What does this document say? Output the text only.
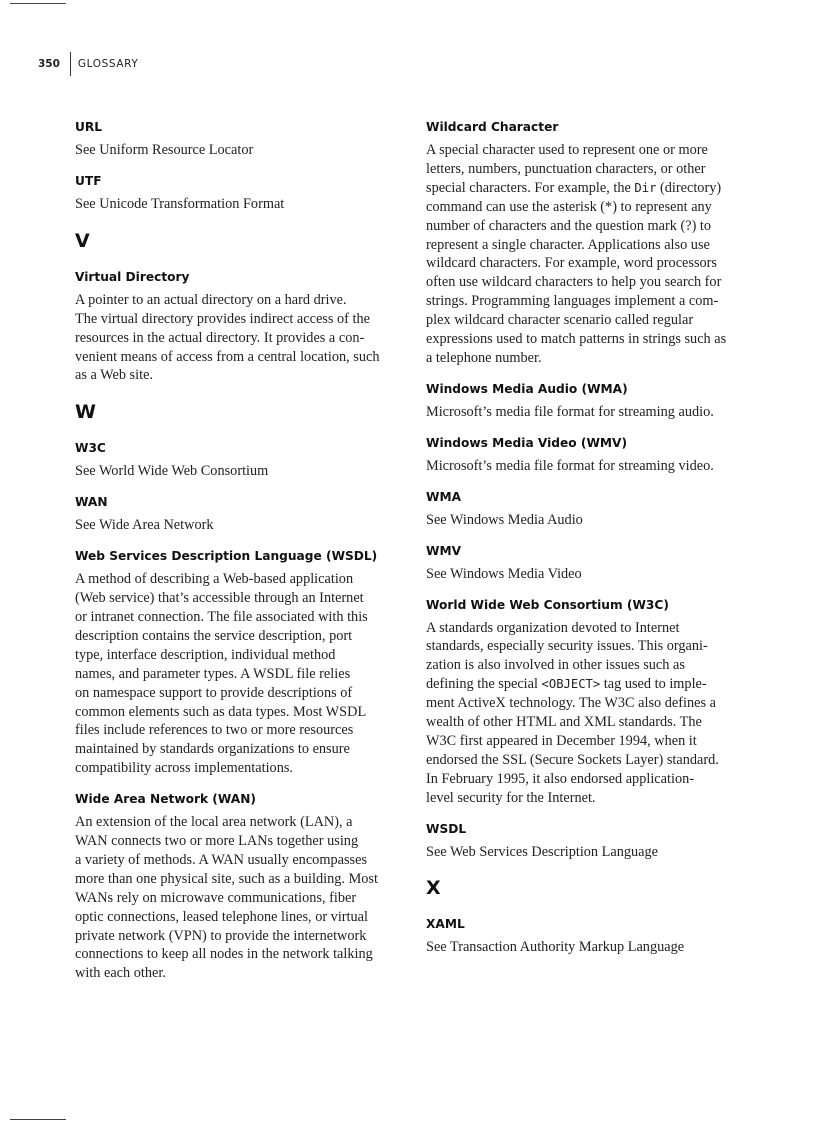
350 GLOSSARY
URL
See Uniform Resource Locator
UTF
See Unicode Transformation Format
V
Virtual Directory
A pointer to an actual directory on a hard drive.
The virtual directory provides indirect access of the
resources in the actual directory. It provides a con-
venient means of access from a central location, such
as a Web site.
W
W3C
See World Wide Web Consortium
WAN
See Wide Area Network
Web Services Description Language (WSDL)
A method of describing a Web-based application
(Web service) that’s accessible through an Internet
or intranet connection. The file associated with this
description contains the service description, port
type, interface description, individual method
names, and parameter types. A WSDL file relies
on namespace support to provide descriptions of
common elements such as data types. Most WSDL
files include references to two or more resources
maintained by standards organizations to ensure
compatibility across implementations.
Wide Area Network (WAN)
An extension of the local area network (LAN), a
WAN connects two or more LANs together using
a variety of methods. A WAN usually encompasses
more than one physical site, such as a building. Most
WANs rely on microwave communications, fiber
optic connections, leased telephone lines, or virtual
private network (VPN) to provide the internetwork
connections to keep all nodes in the network talking
with each other.
Wildcard Character
A special character used to represent one or more
letters, numbers, punctuation characters, or other
special characters. For example, the Dir (directory)
command can use the asterisk (*) to represent any
number of characters and the question mark (?) to
represent a single character. Applications also use
wildcard characters. For example, word processors
often use wildcard characters to help you search for
strings. Programming languages implement a com-
plex wildcard character scenario called regular
expressions used to match patterns in strings such as
a telephone number.
Windows Media Audio (WMA)
Microsoft’s media file format for streaming audio.
Windows Media Video (WMV)
Microsoft’s media file format for streaming video.
WMA
See Windows Media Audio
WMV
See Windows Media Video
World Wide Web Consortium (W3C)
A standards organization devoted to Internet
standards, especially security issues. This organi-
zation is also involved in other issues such as
defining the special <OBJECT> tag used to imple-
ment ActiveX technology. The W3C also defines a
wealth of other HTML and XML standards. The
W3C first appeared in December 1994, when it
endorsed the SSL (Secure Sockets Layer) standard.
In February 1995, it also endorsed application-
level security for the Internet.
WSDL
See Web Services Description Language
X
XAML
See Transaction Authority Markup Language
